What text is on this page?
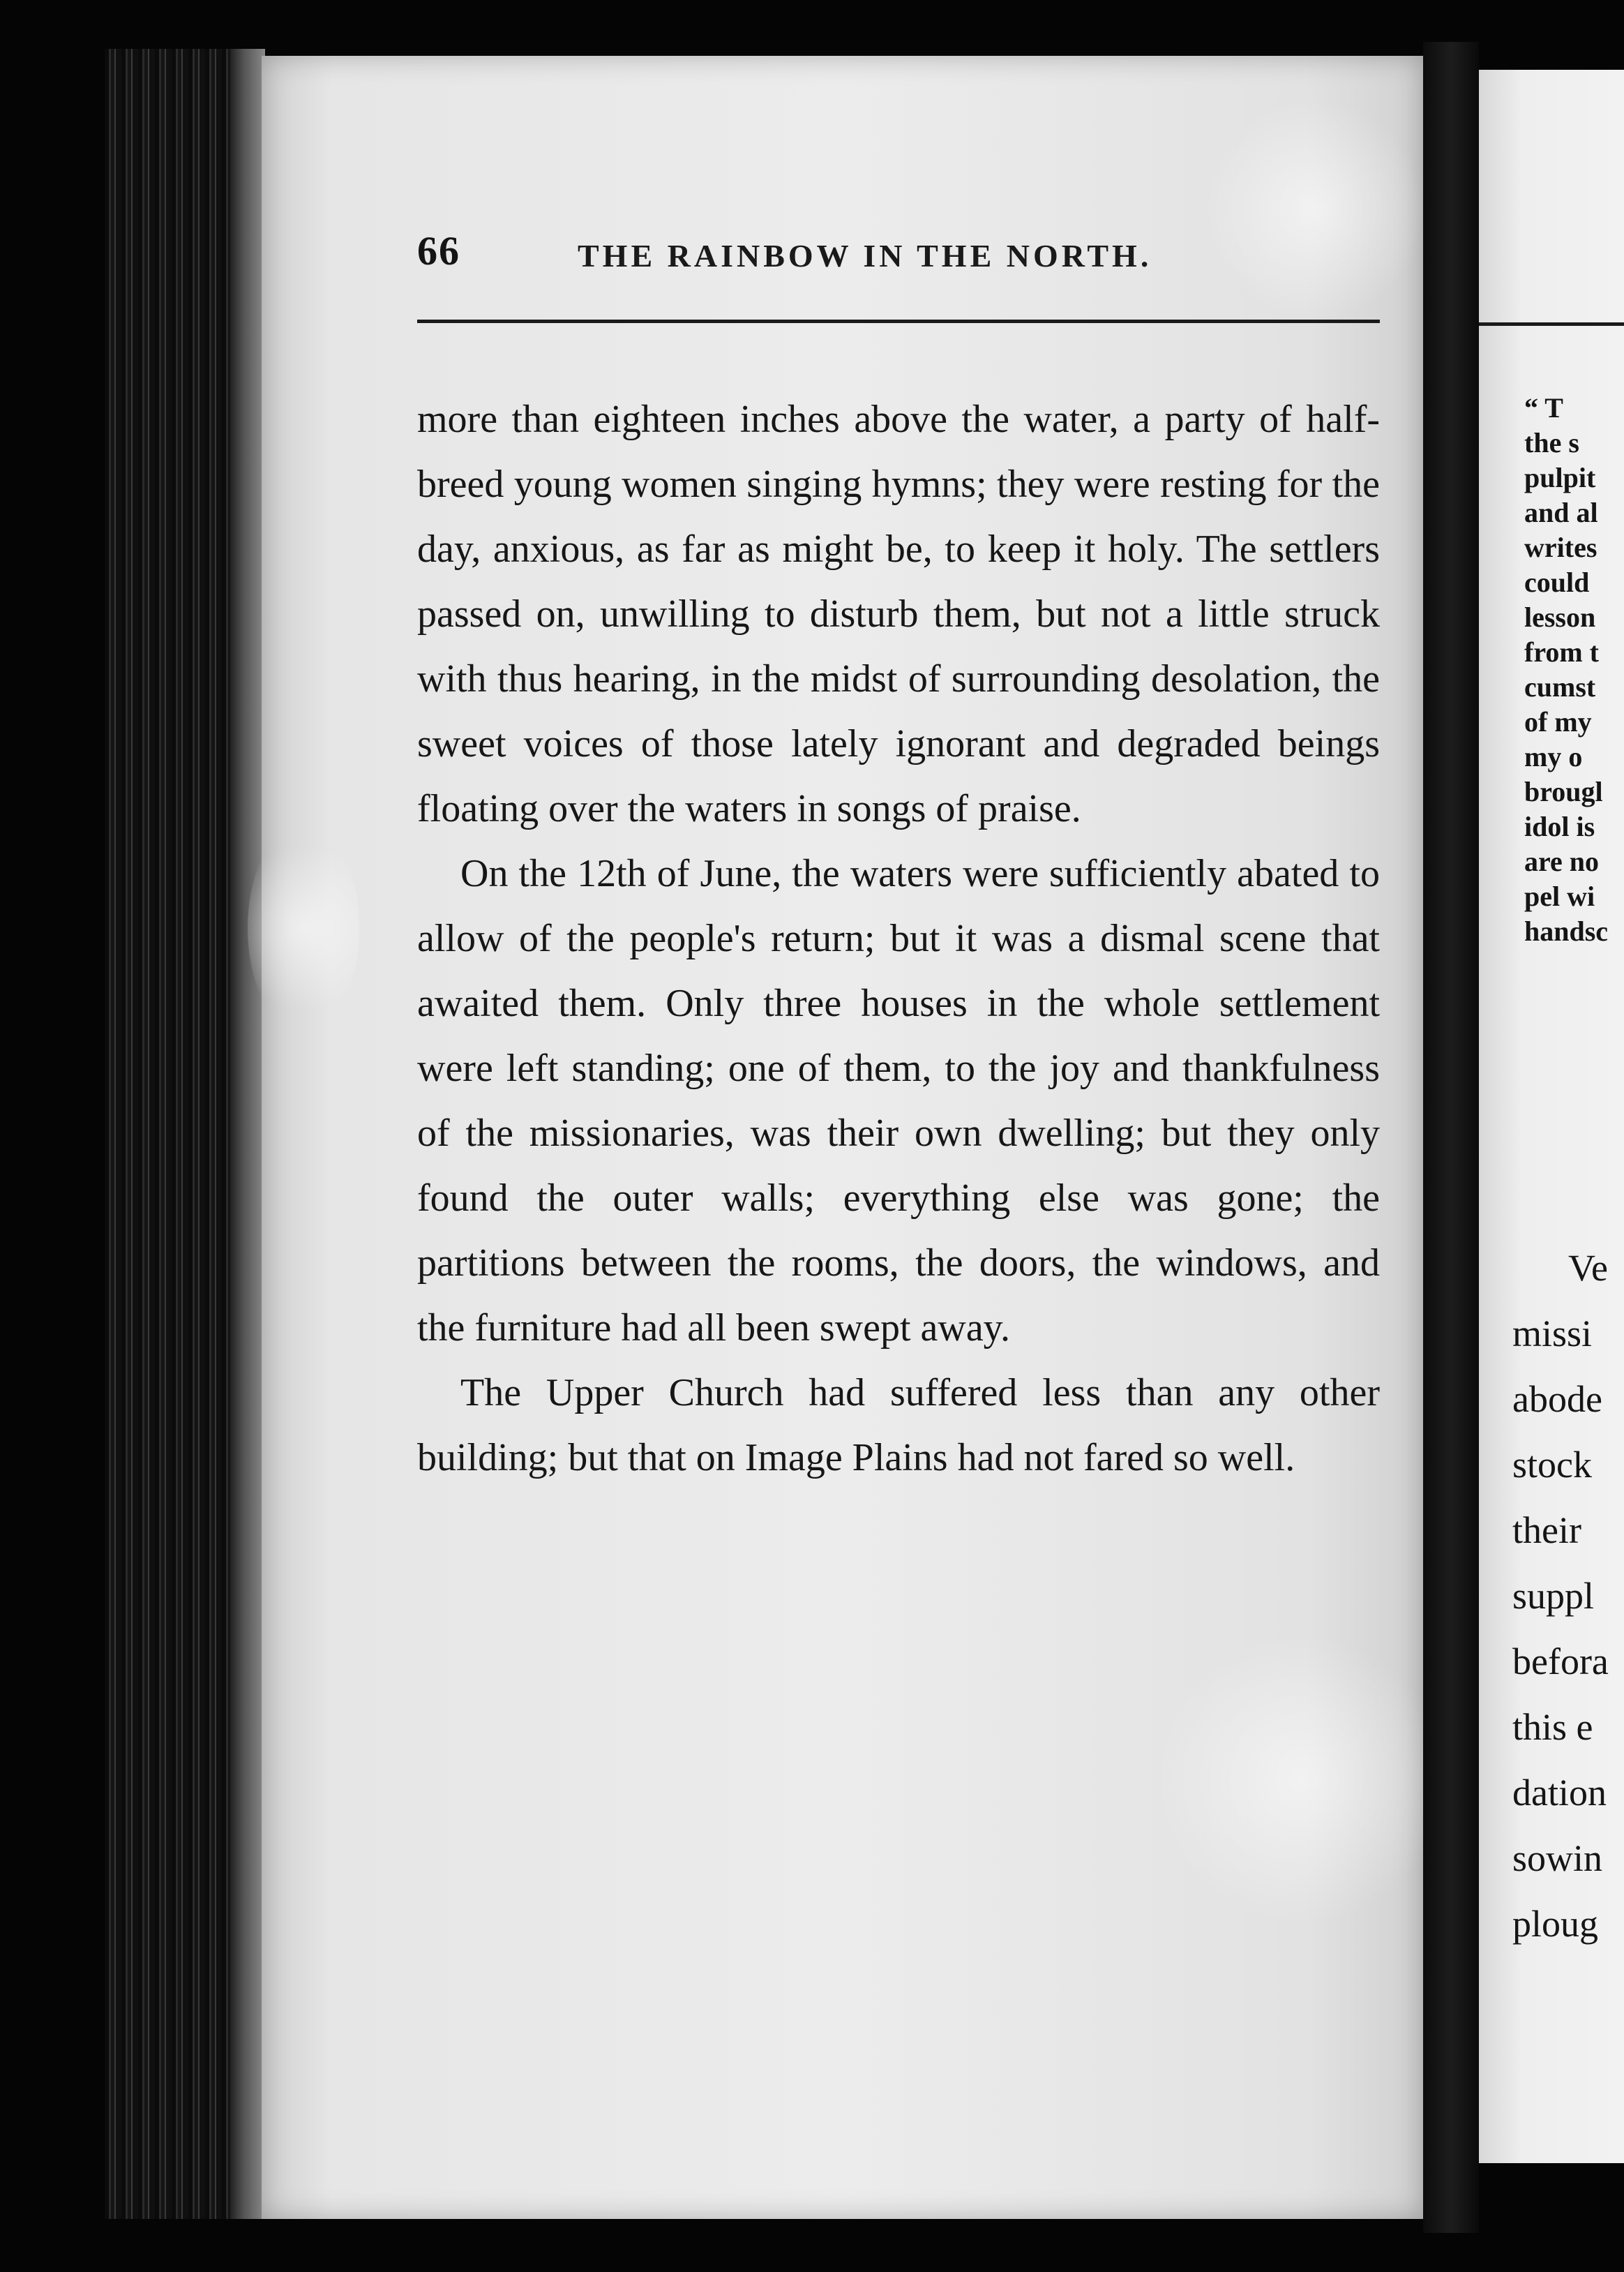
66	THE RAINBOW IN THE NORTH.

more than eighteen inches above the water, a party of half-breed young women singing hymns; they were resting for the day, anxious, as far as might be, to keep it holy. The settlers passed on, unwilling to disturb them, but not a little struck with thus hearing, in the midst of surrounding desolation, the sweet voices of those lately ignorant and degraded beings floating over the waters in songs of praise.

On the 12th of June, the waters were sufficiently abated to allow of the people's return; but it was a dismal scene that awaited them. Only three houses in the whole settlement were left standing; one of them, to the joy and thankfulness of the missionaries, was their own dwelling; but they only found the outer walls; everything else was gone; the partitions between the rooms, the doors, the windows, and the furniture had all been swept away.

The Upper Church had suffered less than any other building; but that on Image Plains had not fared so well.

“ T
the s
pulpit
and al
writes
could
lesson
from t
cumst
of my
my o
brougl
idol is
are no
pel wi
handsc
Ve
missi
abode
stock
their
suppl
befora
this e
dation
sowin
ploug
